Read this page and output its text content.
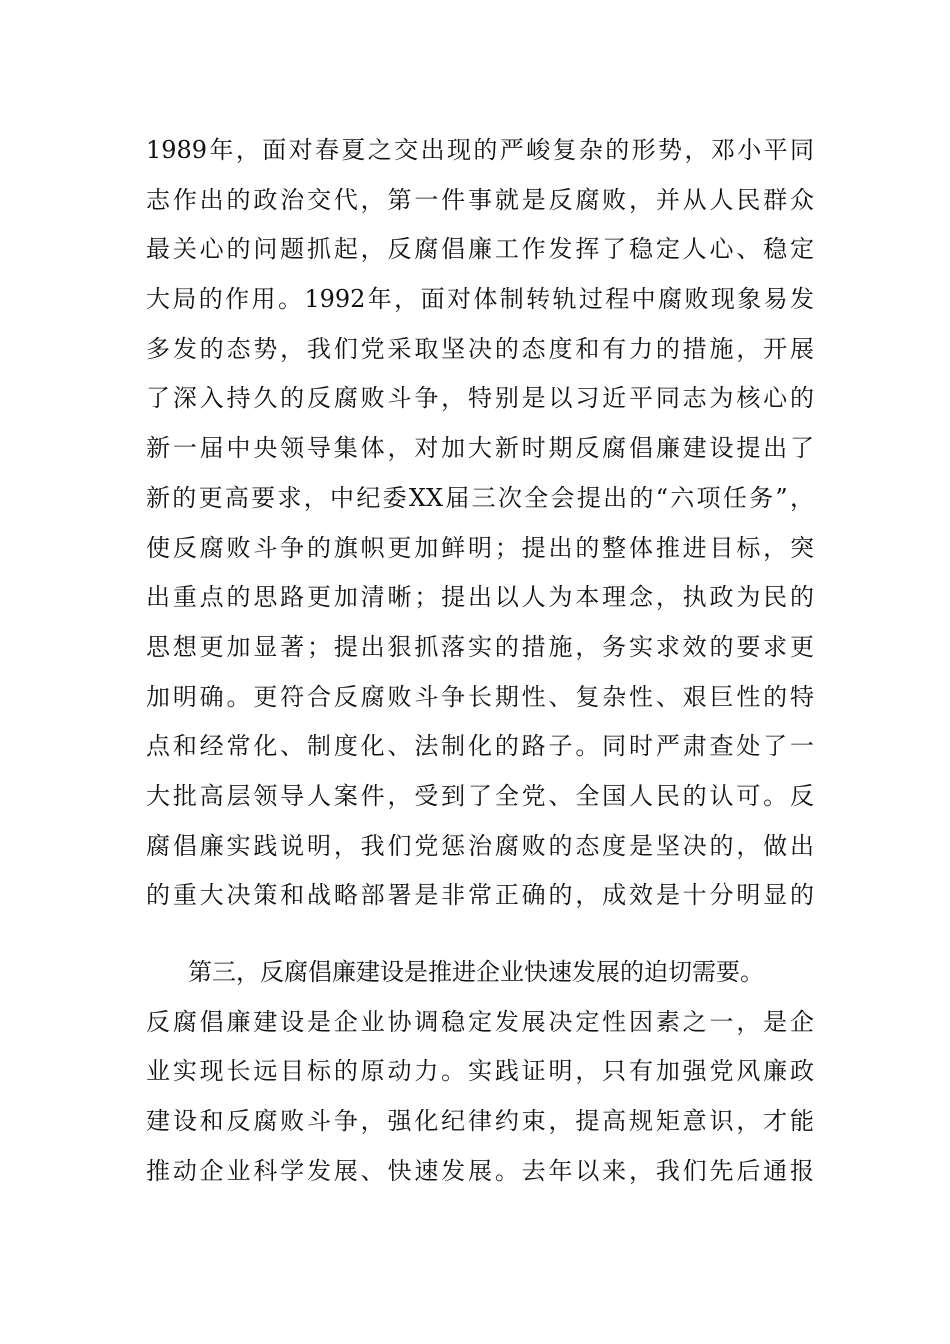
1989年，面对春夏之交出现的严峻复杂的形势，邓小平同
志作出的政治交代，第一件事就是反腐败，并从人民群众
最关心的问题抓起，反腐倡廉工作发挥了稳定人心、稳定
大局的作用。1992年，面对体制转轨过程中腐败现象易发
多发的态势，我们党采取坚决的态度和有力的措施，开展
了深入持久的反腐败斗争，特别是以习近平同志为核心的
新一届中央领导集体，对加大新时期反腐倡廉建设提出了
新的更高要求，中纪委XX届三次全会提出的“六项任务”，
使反腐败斗争的旗帜更加鲜明；提出的整体推进目标，突
出重点的思路更加清晰；提出以人为本理念，执政为民的
思想更加显著；提出狠抓落实的措施，务实求效的要求更
加明确。更符合反腐败斗争长期性、复杂性、艰巨性的特
点和经常化、制度化、法制化的路子。同时严肃查处了一
大批高层领导人案件，受到了全党、全国人民的认可。反
腐倡廉实践说明，我们党惩治腐败的态度是坚决的，做出
的重大决策和战略部署是非常正确的，成效是十分明显的
第三，反腐倡廉建设是推进企业快速发展的迫切需要。
反腐倡廉建设是企业协调稳定发展决定性因素之一，是企
业实现长远目标的原动力。实践证明，只有加强党风廉政
建设和反腐败斗争，强化纪律约束，提高规矩意识，才能
推动企业科学发展、快速发展。去年以来，我们先后通报
